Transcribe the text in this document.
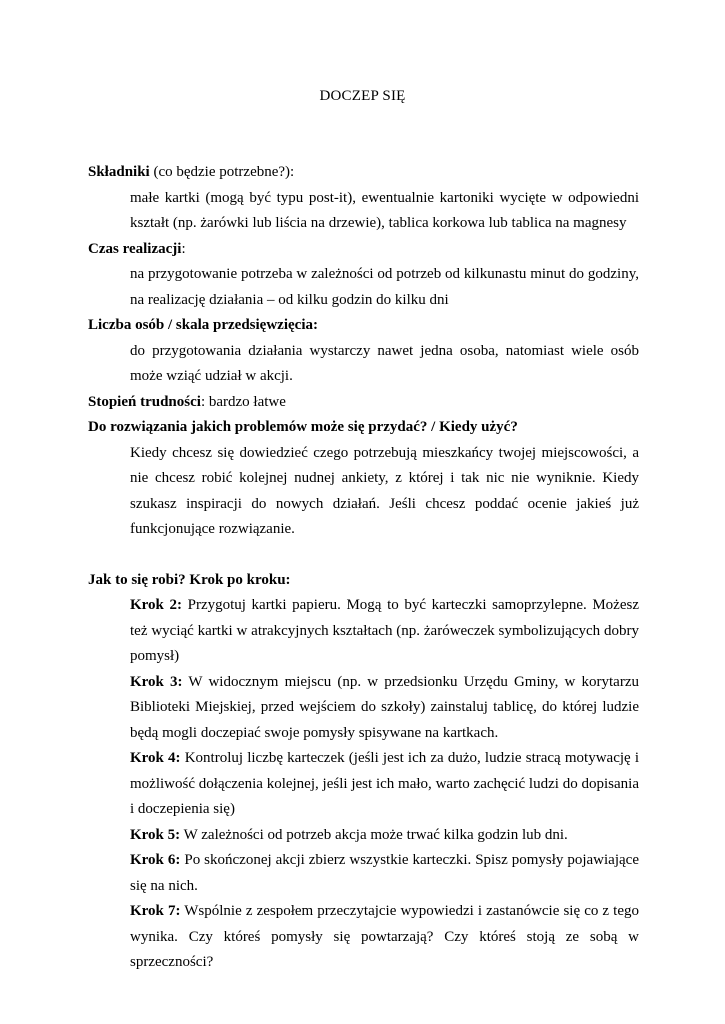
DOCZEP SIĘ

Składniki (co będzie potrzebne?):

małe kartki (mogą być typu post-it), ewentualnie kartoniki wycięte w odpowiedni kształt (np. żarówki lub liścia na drzewie), tablica korkowa lub tablica na magnesy

Czas realizacji:

na przygotowanie potrzeba w zależności od potrzeb od kilkunastu minut do godziny, na realizację działania – od kilku godzin do kilku dni

Liczba osób / skala przedsięwzięcia:

do przygotowania działania wystarczy nawet jedna osoba, natomiast wiele osób może wziąć udział w akcji.

Stopień trudności: bardzo łatwe

Do rozwiązania jakich problemów może się przydać? / Kiedy użyć?

Kiedy chcesz się dowiedzieć czego potrzebują mieszkańcy twojej miejscowości, a nie chcesz robić kolejnej nudnej ankiety, z której i tak nic nie wyniknie. Kiedy szukasz inspiracji do nowych działań. Jeśli chcesz poddać ocenie jakieś już funkcjonujące rozwiązanie.

Jak to się robi? Krok po kroku:

Krok 2: Przygotuj kartki papieru. Mogą to być karteczki samoprzylepne. Możesz też wyciąć kartki w atrakcyjnych kształtach (np. żaróweczek symbolizujących dobry pomysł)

Krok 3: W widocznym miejscu (np. w przedsionku Urzędu Gminy, w korytarzu Biblioteki Miejskiej, przed wejściem do szkoły) zainstaluj tablicę, do której ludzie będą mogli doczepiać swoje pomysły spisywane na kartkach.

Krok 4: Kontroluj liczbę karteczek (jeśli jest ich za dużo, ludzie stracą motywację i możliwość dołączenia kolejnej, jeśli jest ich mało, warto zachęcić ludzi do dopisania i doczepienia się)

Krok 5: W zależności od potrzeb akcja może trwać kilka godzin lub dni.

Krok 6: Po skończonej akcji zbierz wszystkie karteczki. Spisz pomysły pojawiające się na nich.

Krok 7: Wspólnie z zespołem przeczytajcie wypowiedzi i zastanówcie się co z tego wynika. Czy któreś pomysły się powtarzają? Czy któreś stoją ze sobą w sprzeczności?
